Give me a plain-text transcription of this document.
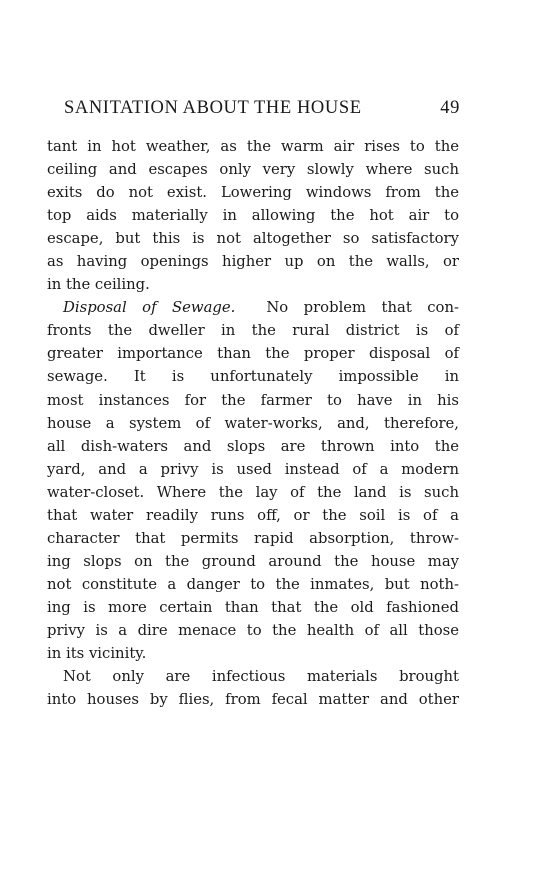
SANITATION ABOUT THE HOUSE	49
tant in hot weather, as the warm air rises to the
ceiling and escapes only very slowly where such
exits do not exist. Lowering windows from the
top aids materially in allowing the hot air to
escape, but this is not altogether so satisfactory
as having openings higher up on the walls, or
in the ceiling.
Disposal of Sewage. No problem that con-
fronts the dweller in the rural district is of
greater importance than the proper disposal of
sewage. It is unfortunately impossible in
most instances for the farmer to have in his
house a system of water-works, and, therefore,
all dish-waters and slops are thrown into the
yard, and a privy is used instead of a modern
water-closet. Where the lay of the land is such
that water readily runs off, or the soil is of a
character that permits rapid absorption, throw-
ing slops on the ground around the house may
not constitute a danger to the inmates, but noth-
ing is more certain than that the old fashioned
privy is a dire menace to the health of all those
in its vicinity.
Not only are infectious materials brought
into houses by flies, from fecal matter and other
